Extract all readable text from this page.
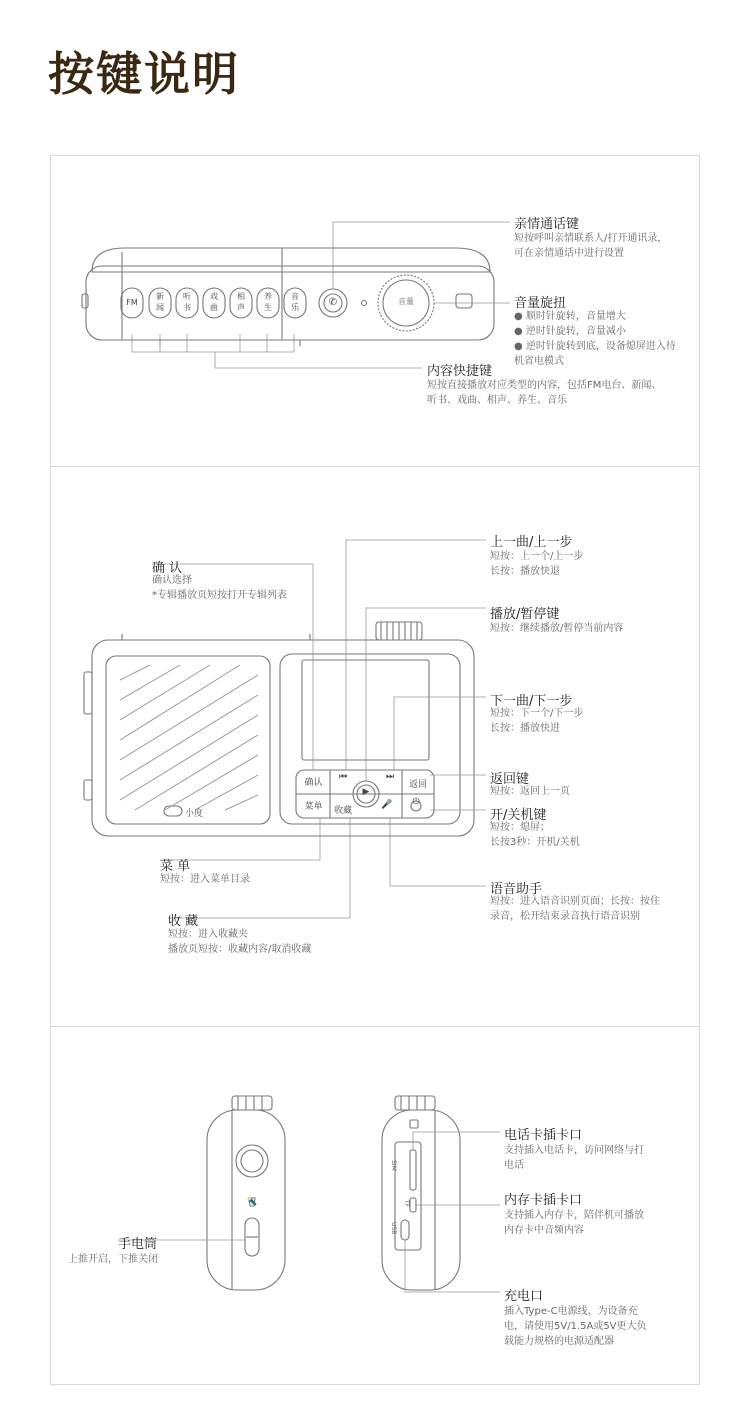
按键说明
FM
新
闻
听
书
戏
曲
相
声
养
生
音
乐	✆	音量
确认
菜单	收藏
返回
⏮	⏭
▶
🎤 ⏻
小度
SIM
TF
USB
🔦
亲情通话键
短按呼叫亲情联系人/打开通讯录，
可在亲情通话中进行设置
音量旋扭
● 顺时针旋转，音量增大
● 逆时针旋转，音量减小
● 逆时针旋转到底，设备熄屏进入待
机省电模式
内容快捷键
短按直接播放对应类型的内容，包括FM电台、新闻、
听书、戏曲、相声、养生、音乐
确 认
确认选择
*专辑播放页短按打开专辑列表
上一曲/上一步
短按：上一个/上一步
长按：播放快退
播放/暂停键
短按：继续播放/暂停当前内容
下一曲/下一步
短按：下一个/下一步
长按：播放快进
返回键
短按：返回上一页
开/关机键
短按：熄屏；
长按3秒：开机/关机
菜 单
短按：进入菜单目录
语音助手
短按：进入语音识别页面；长按：按住
录音，松开结束录音执行语音识别
收 藏
短按：进入收藏夹
播放页短按：收藏内容/取消收藏
手电筒
上推开启，下推关闭
电话卡插卡口
支持插入电话卡，访问网络与打
电话
内存卡插卡口
支持插入内存卡，陪伴机可播放
内存卡中音频内容
充电口
插入Type-C电源线，为设备充
电，请使用5V/1.5A或5V更大负
载能力规格的电源适配器
